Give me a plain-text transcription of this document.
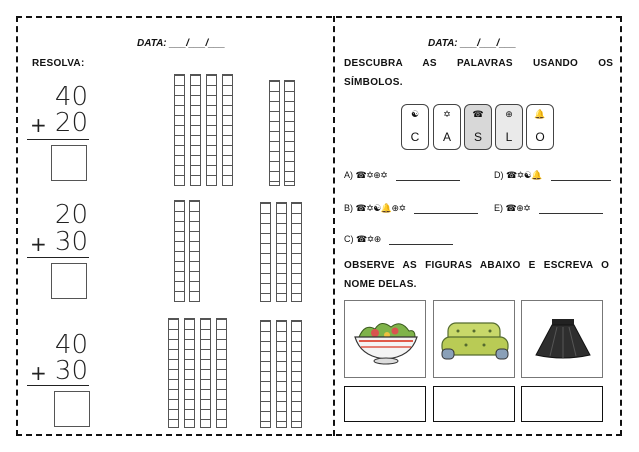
DATA: ___/___/___
RESOLVA:
40
+ 20
20
+ 30
40
+ 30
DATA: ___/___/___
DESCUBRA AS PALAVRAS USANDO OS
SÍMBOLOS.
☯
C
✡
A
☎
S
⊕
L
🔔
O
A) ☎✡⊕✡	D) ☎✡☯🔔
B) ☎✡☯🔔⊕✡	E) ☎⊕✡
C) ☎✡⊕
OBSERVE AS FIGURAS ABAIXO E ESCREVA O
NOME DELAS.
